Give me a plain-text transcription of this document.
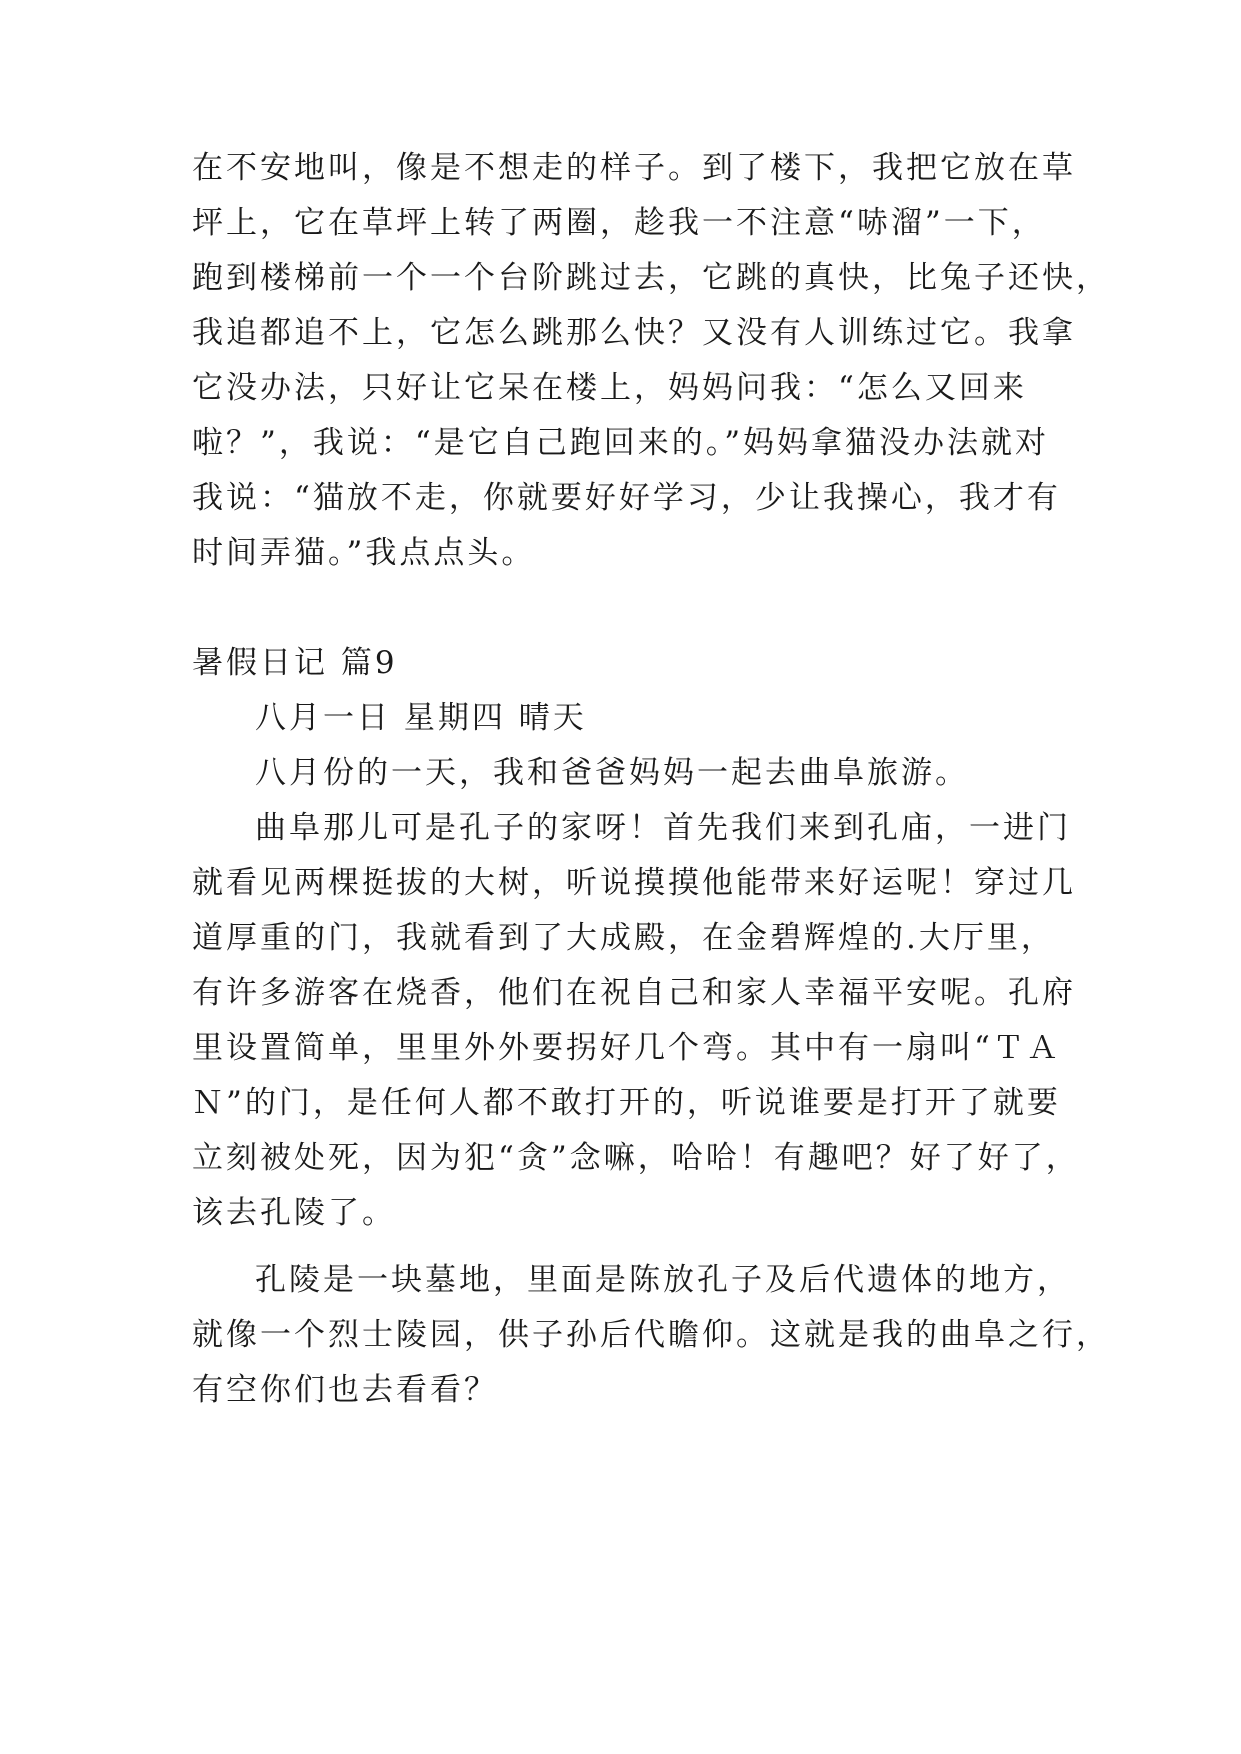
在不安地叫，像是不想走的样子。到了楼下，我把它放在草
坪上，它在草坪上转了两圈，趁我一不注意“哧溜”一下，
跑到楼梯前一个一个台阶跳过去，它跳的真快，比兔子还快，
我追都追不上，它怎么跳那么快？又没有人训练过它。我拿
它没办法，只好让它呆在楼上，妈妈问我：“怎么又回来
啦？”，我说：“是它自己跑回来的。”妈妈拿猫没办法就对
我说：“猫放不走，你就要好好学习，少让我操心，我才有
时间弄猫。”我点点头。
暑假日记 篇9
八月一日 星期四 晴天
八月份的一天，我和爸爸妈妈一起去曲阜旅游。
曲阜那儿可是孔子的家呀！首先我们来到孔庙，一进门
就看见两棵挺拔的大树，听说摸摸他能带来好运呢！穿过几
道厚重的门，我就看到了大成殿，在金碧辉煌的.大厅里，
有许多游客在烧香，他们在祝自己和家人幸福平安呢。孔府
里设置简单，里里外外要拐好几个弯。其中有一扇叫“ＴＡ
Ｎ”的门，是任何人都不敢打开的，听说谁要是打开了就要
立刻被处死，因为犯“贪”念嘛，哈哈！有趣吧？好了好了，
该去孔陵了。
孔陵是一块墓地，里面是陈放孔子及后代遗体的地方，
就像一个烈士陵园，供子孙后代瞻仰。这就是我的曲阜之行，
有空你们也去看看？
